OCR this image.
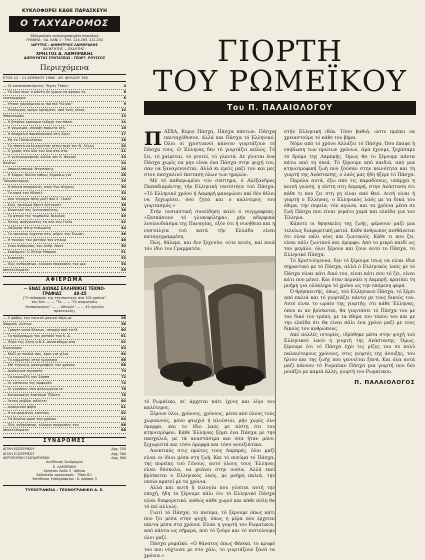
ΚΥΚΛΟΦΟΡΕΙ ΚΑΘΕ ΠΑΡΑΣΚΕΥΗ
Ο ΤΑΧΥΔΡΟΜΟΣ
Εβδομαδιαίο εικονογραφημένο περιοδικό
ΓΡΑΦΕΙΑ : ΟΔ. ΚΑΝΙ 1 · ΤΗΛ. 224.263, 222.230
ΙΔΡΥΤΗΣ : ΔΗΜΗΤΡΙΟΣ ΛΑΜΠΡΑΚΗΣ
ΙΔΙΟΚΤΗΤΗΣ — ΕΚΔΟΤΗΣ :
ΧΡΗΣΤΟΣ Δ. ΛΑΜΠΡΑΚΗΣ
ΔΙΕΥΘΥΝΤΗΣ ΣΥΝΤΑΞΕΩΣ : ΓΕΩΡΓ. ΡΟΥΣΣΟΣ
Περιεχόμενα
ΕΤΟΣ 12 · 11 ΑΠΡΙΛΙΟΥ 1968 · ΑΡ. ΦΥΛΛΟΥ 765
— Οί κατασκοπεύοντες "Άγιες Τόπες"	4
— Τά ίδια ίσως ο Δάντη δε ήμουν να αφήσω το	6
εκατομμύρια	8
— Ήτανε χαρούμενοι οι πιό πιό "Κείνοι"	9
— Θεόδωρος κρέμα κρεσμένο, από τούς νέους	10
Μπονταμάνι	13
— Η βιτρίνα κρουομα εκδοχή τον πάρει	14
— Η γνωριμία, σύνοψη πορωτα κτλ.	16
— Η πασχαλιά παραδοσιακή στη Σύμη	17
— Με το Παλαιολόγου	18
— Το τίποτα καλλιεργείται (στον περί του Ν. Λέγω)	20
— Ο χορός στα δύο του δυο στα στα	21
— Ο γελοιογραφικός κώδικ του Κ. Φεριού	23
Κανένα	24
— Αποκαλυπτικά: Ντριτάκης	26
— Η Σάρρα, Βούλα κάπως δημοσίω για	28
Τσαμπουνάρης	29
— Η πάντα πασχαλινή, στου ένα πλήρεις	30
— Το καρέ του Μίκαελ	33
— Δύο τεμάχια πάλη μαζί πού Ε. Γκαλύ	34
— Εγώ, τρικύμια Βρειτ Αντγκούτ	36
— Κλασικού της Αντιανπολίτης	38
— Το φτερό της ταμπολίνι Νίκολας	40
— Έκτος ανάγνωστες τα νέα του Γκίλα	42
— Λάζαρος στην τυπωμένη	44
— Το τρικάτοι έρχεται στις μέρες του Ένωση	46
— Η ταινίας του ρατσού τον ντικορ	48
— Στον άνθρωπος του Ανθρ. Νοοτ	50
— Εκσύρμεν: Ο Πήτερ Μπρούκ	51
— Εκπομπές	53
— Πώς ανθρώπινοι, κλίνουν παρουσίες του μια	54
αποτελέσματα	55
ΑΦΙΕΡΩΜΑ
— ΕΝΑΣ ΑΙΩΝΑΣ ΕΛΛΗΝΙΚΗΣ ΤΕΧΝΟ-
ΓΡΑΦΙΑΣ	48-45
("Ο σεβασμός της εκτυπωτικής στα 100 χρόνια"
του Αντ. ... — "Τα ... — "Οι αναμνήσεις
Θεσσαλονίκης" — ... Αθηνών" — ... 40 ηγητών
πρακτικούς)
— Ο φόβος του ταινιού μαγικό τόμο με	56
Φαρμάκ. Αντίων	58
— Γράψτε αυτό θέσεων, ιστορία από τα Μ.	60
— Το πρόγραμμα του ρατσού του Κ. Δ.	61
— Πέρα της Ζήτη α.Β.Χ. συναίσθημα στα	62
Ευρυνόμου	63
— Μαζί με παιδιά σας, άρια για χίλια	64
— Το κόμματος στην ημερήσια	66
— Επί τεχνικής μονογραφίας του χρόνου	68
— Αισθητικά περίοπτα	70
— Τα καρουζέλ του Σάρπα	72
— Οι κάτοικοι της αμφορέα	74
— Οι γυναίκες στο αλλοιωμένο εκ	76
— Κουρασμένη Χαρτάμα Τζόρτη	78
— Λευκή ράβδοι αθλήτες	80
— Ανακρινού φόβα	81
— Η κτηρισμένος κανένας	82
— Τα δεμένα μοκό του χρόνου	84
— Πώς ανθρώπινοι, κλίνουν παρουσίες του	86
αποτελέσματα	88
ΣΥΝΔΡΟΜΕΣ
ΑΓΙΛΗ ΕΣΩΤΕΡΙΚΟΥ	Δρχ. 250
ΑΓΙΛΗ ΕΞΩΤΕΡΙΚΟΥ	Δρχ. 500
ΑΕΡΟΠΟΡΙΚΗ ΤΑΧΥΔΡΟΜΙΚΗ	Δρχ. 900
Διεύθυνση Συνδρομών
Ε. ΛΑΜΠΡΑΚΗ
Χρήστου Λαδά 3 · Αθήναι
Εκδοτικός οργανισμός · Τύποι Β.Ι.
Υπεύθυνος τυπογραφείου : Κ. Δρόσος 3
ΤΥΠΟΓΡΑΦΕΙΑ : ΤΕΧΝΟΓΡΑΦΙΚΗ Α. Ε.
ΓΙΟΡΤΗ
ΤΟΥ ΡΩΜΕΪΚΟΥ
Του Π. ΠΑΛΑΙΟΛΟΓΟΥ

ΠΑΣΧΑ, Κυριε Πάσχα, Πάσχα πάντων. Πάσχα πανταχόθυσον, άλλά και Πάσχα τό Ελληνικό. Όλοι οί χριστιανοί κάνουν γιορτάζουν τό Πάσχα τους. Ο Έλληνας δεν τό γιορτάζει απλώς. Τό ζει, τό χαίρεται, τό γευτεί, τό γλεντά. Δε γίνεται ένα Πάσχα χωρίς να μην είναι ένα Πάσχα στην ψυχή του, σαν να ξαναγεννιέται. Αλλά κι εμείς μαζί του και μες στον πασχαλινό έκσταση όλων των ημερών.

Μέ τό καθιερωμένο του σύστημα, ό Αλέξανδρος Παπαδιαμάντης τήν Ελληνική ταυτότητα τού Πάσχα: «Τό Ελληνικό χρόνο ή Λαμπρή φανερώνει καί δέν θέλει να ξεχωρίσει, όσο ζητά και ο καλύτερος του γιορτασμός.»

Στήν ουσιαστική συνείδηση καλύ ό συγγραφέας: «Ξεσπάσουν τό γλυκοφίλημα», μήν αδερφικά λουλουδιάσμα της Παναγίας, εξόν ότι ή συνήθεια και η νοσταλγία τού κατά τήν Ελλάδα είναι καταγεγραμμένη.

Πώς, θάλεμε, και δεν ξεχνούν, ούτε αυτές, καί ποιά τόν ίδιο του Γραμματέα.

τό Ρωμαίικο, κι' άρχεται κάτι ίχνος και λίγο του καλύτερος.

Ξέρουν όλοι, χρόνους, χρόνους, μέσα από όλους τούς χωριανούς, μόνο φτωχοί ή πλούσιοι, μήν χωρίς όλο όμορφο, και το ίδιο λαός με πίστη ότι του κτηνοτρόφου. Κάθε Έλληνας ξέρει ένα Πάσχα με την πασχαλιά, με τά αναστάσιμα και όσα ήταν μόνο, ξεχωριστά και τόσο όμορφα και τόσο ανοιξιάτικα.

Ανεκτικός στις πρώτες τους Λαμπρές, όλοι μαζί είναι οι ίδιοι μέσα στη ζωή. Και τό πνεύμα τό Πάσχα, της πορείας τού Γένους, αυτό όλους τους Έλληνες είναι δύσκολα, να φτάνει στην ουσία. Αλλά εκεί βρίσκεται ο Ελληνικός λαός, με μνήμη παλιά, την οποία κρατεί με τα χρόνια.

Αλλά και αυτή ή ευλογία που γίνεται αυτή την εποχή, ήδη το ξέρουμε πάλι ότι τό Ελληνικό Πάσχα είναι διαφορετικό, καθώς κάθε χωριό και κάθε πόλη θα τό πεί αλλιώς.

Γιατί τό Πάσχα, τό πνεύμα, τό ξέρουμε όπως κάτι που ζει μέσα στην ψυχή, όπως η μέρα που έρχεται πάντα μέσα στα χρόνια. Είναι η γιορτή του Ρωμαίικου, από πάντα ως σήμερα, πού τό ζούμε και τό πιστεύουμε όλοι μαζί.

Πάσχα ρομαϊκό. «Ο θάνατος όπως Φάσκα, το κρυφό του που νύχτωσε με στο χάλι, το γιορτάζουν ξανά τα χρόνια.»

στήν Ελληνική ιδέα. Τόσο βαθιά, ώστε πρέπει να χρειαστούμε τό κάθε του βήμα.

Νόμο από τό χρόνο Αλλάζει τό Πάσχα. Όσο έπαψε ή επιβίωση των πρώτων χρόνων, άμα έχουμε, ξεχάσαμε τό δρόμο της Λαμπρής. Όμως θα το ξέρουμε πάντα κάτω από τη σκιά. Τό ξέρουμε από παιδιά, από μια κτηνοτροφική ζωή που ζούσαν στην κοινότητα και τη γιορτή της Ανάστασης, ο λαός μας ήδη ήξερε τό Πάσχα.

Παρόλα αυτά, έξω από τις παραδόσεις, υπάρχει η κοινή γνώση, η πίστη στη Λαμπρή, στην Ανάσταση ότι κάθε τι που ζει στη γη είναι από Θεό. Αυτή είναι ή γιορτή ο Έλληνας, ο Ελληνικός λαός με τα δικά του έθιμα, την πορεία, τόν αγώνα, και τα χρόνια μέσα σε ζωή Πάσχα που είναι γεμάτο χαρά και ελπίδα για τον Έλληνα.

Κάποτε οι θρησκείες της ζωής, φέρνουν μαζί μια τελείως διαφορετική ματιά. Κάθε άνθρωπος αισθάνεται ότι είναι πάλι νέος και ζωντανός. Κάθε τι που ζει, είναι πάλι ζωντανό και όμορφο. Από το μικρό παιδί ως τον μεγάλο, όλοι ξέρουν και ζουν αυτό το Πάσχα, τό Ελληνικό Πάσχα.

Τό Χριστούγεννα, δεν τό ξέρουμε ίσως να είναι ίδια σημαντικό με τό Πάσχα, αλλά ό Ελληνικός λαός με τό Πάσχα είναι κάτι δικό του, είναι κάτι που τό ζει, είναι κάτι που μένει. Και όταν περνάει η Λαμπρή, κρατάει τη μνήμη για ολόκληρο τό χρόνο ως την επόμενη φορά.

Ό θρησκευτής, όπως, τού Ελληνικού Πάσχα, τό ξέρει από παλιά και τό γιορτάζει πάντα με τους δικούς του. Αυτό είναι το ωραίο της γιορτής: ότι κάθε Έλληνας, όπου κι αν βρίσκεται, θα γιορτάσει τό Πάσχα του με τον δικό του τρόπο, με τα έθιμα του τόπου του και με την ελπίδα ότι θα είναι πάλι ένα χρόνο μαζί με τους δικούς του ανθρώπους.

Από πολλές ιστορίες, ιδρύθηκε μέσα στην ψυχή τού Ελληνικού λαού η γιορτή της Ανάστασης. Όμως, ξέρουμε ότι τό Πάσχα έχει τις ρίζες του σε πολύ παλαιότερους χρόνους, στις γιορτές της άνοιξης, του ήλιου και της ζωής που γεννιέται ξανά. Και όλα αυτά μαζί κάνουν τό Ρωμαίικο Πάσχα μια γιορτή που δεν μοιάζει με καμιά άλλη, γιορτή του Ρωμαίικου.

Π. ΠΑΛΑΙΟΛΟΓΟΣ
